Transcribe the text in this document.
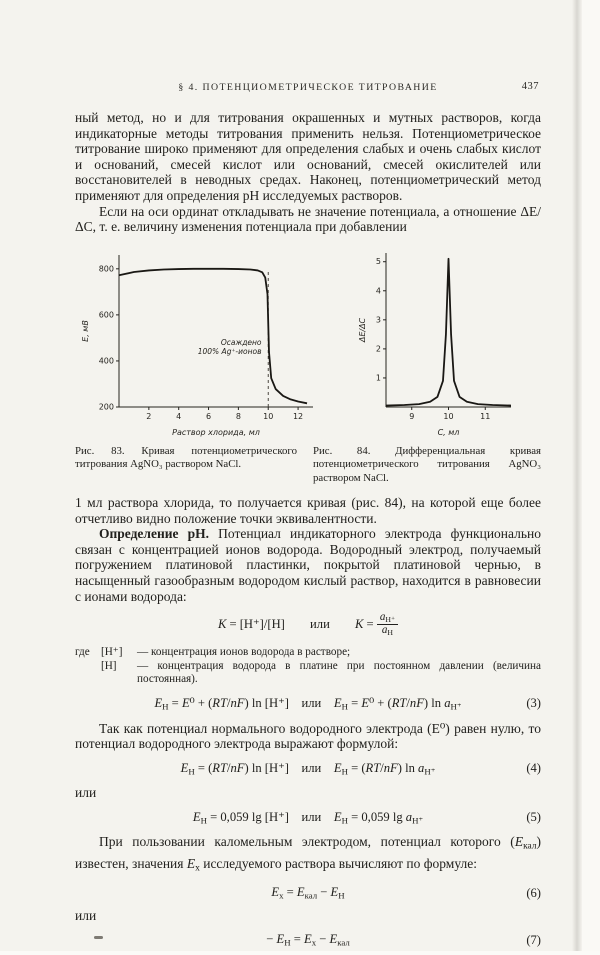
§ 4. ПОТЕНЦИОМЕТРИЧЕСКОЕ ТИТРОВАНИЕ	437

ный метод, но и для титрования окрашенных и мутных растворов, когда индикаторные методы титрования применить нельзя. Потенциометрическое титрование широко применяют для определения слабых и очень слабых кислот и оснований, смесей кислот или оснований, смесей окислителей или восстановителей в неводных средах. Наконец, потенциометрический метод применяют для определения pH исследуемых растворов.

Если на оси ординат откладывать не значение потенциала, а отношение ΔE/ΔC, т. е. величину изменения потенциала при добавлении

2	4	6	8	10 12
200
400
600
800
Осаждено
100% Ag⁺-ионов
Раствор хлорида, мл
E, мВ
9	10	11
1
2
3
4
5
С, мл
ΔE/ΔC

Рис. 83. Кривая потенциометрического титрования AgNO₃ раствором NaCl.

Рис. 84. Дифференциальная кривая потенциометрического титрования AgNO₃ раствором NaCl.

1 мл раствора хлорида, то получается кривая (рис. 84), на которой еще более отчетливо видно положение точки эквивалентности.

Определение pH. Потенциал индикаторного электрода функционально связан с концентрацией ионов водорода. Водородный электрод, получаемый погружением платиновой пластинки, покрытой платиновой чернью, в насыщенный газообразным водородом кислый раствор, находится в равновесии с ионами водорода:

K = [Н⁺]/[Н]  или  $K = \frac{a_{Н^+}}{a_Н}$
где	[Н⁺]	— концентрация ионов водорода в растворе;
[Н]	— концентрация водорода в платине при постоянном давлении (величина постоянная).
$E_Н = E^0 + (RT/nF)$ ln [Н⁺] или $E_Н = E^0 + (RT/nF)$ $\ln a_{Н^+}$	(3)

Так как потенциал нормального водородного электрода (E⁰) равен нулю, то потенциал водородного электрода выражают формулой:

$E_Н = (RT/nF)$ ln [Н⁺] или $E_Н = (RT/nF)$ $\ln a_{Н^+}$	(4)

или

$E_Н = 0,059$ lg [Н⁺] или $E_Н = 0,059$ $\lg a_{Н^+}$	(5)

При пользовании каломельным электродом, потенциал которого $(E_{кал})$ известен, значения $E_x$ исследуемого раствора вычисляют по формуле:

$E_x = E_{кал} - E_Н$	(6)

или

− $E_Н = E_x - E_{кал}$	(7)
